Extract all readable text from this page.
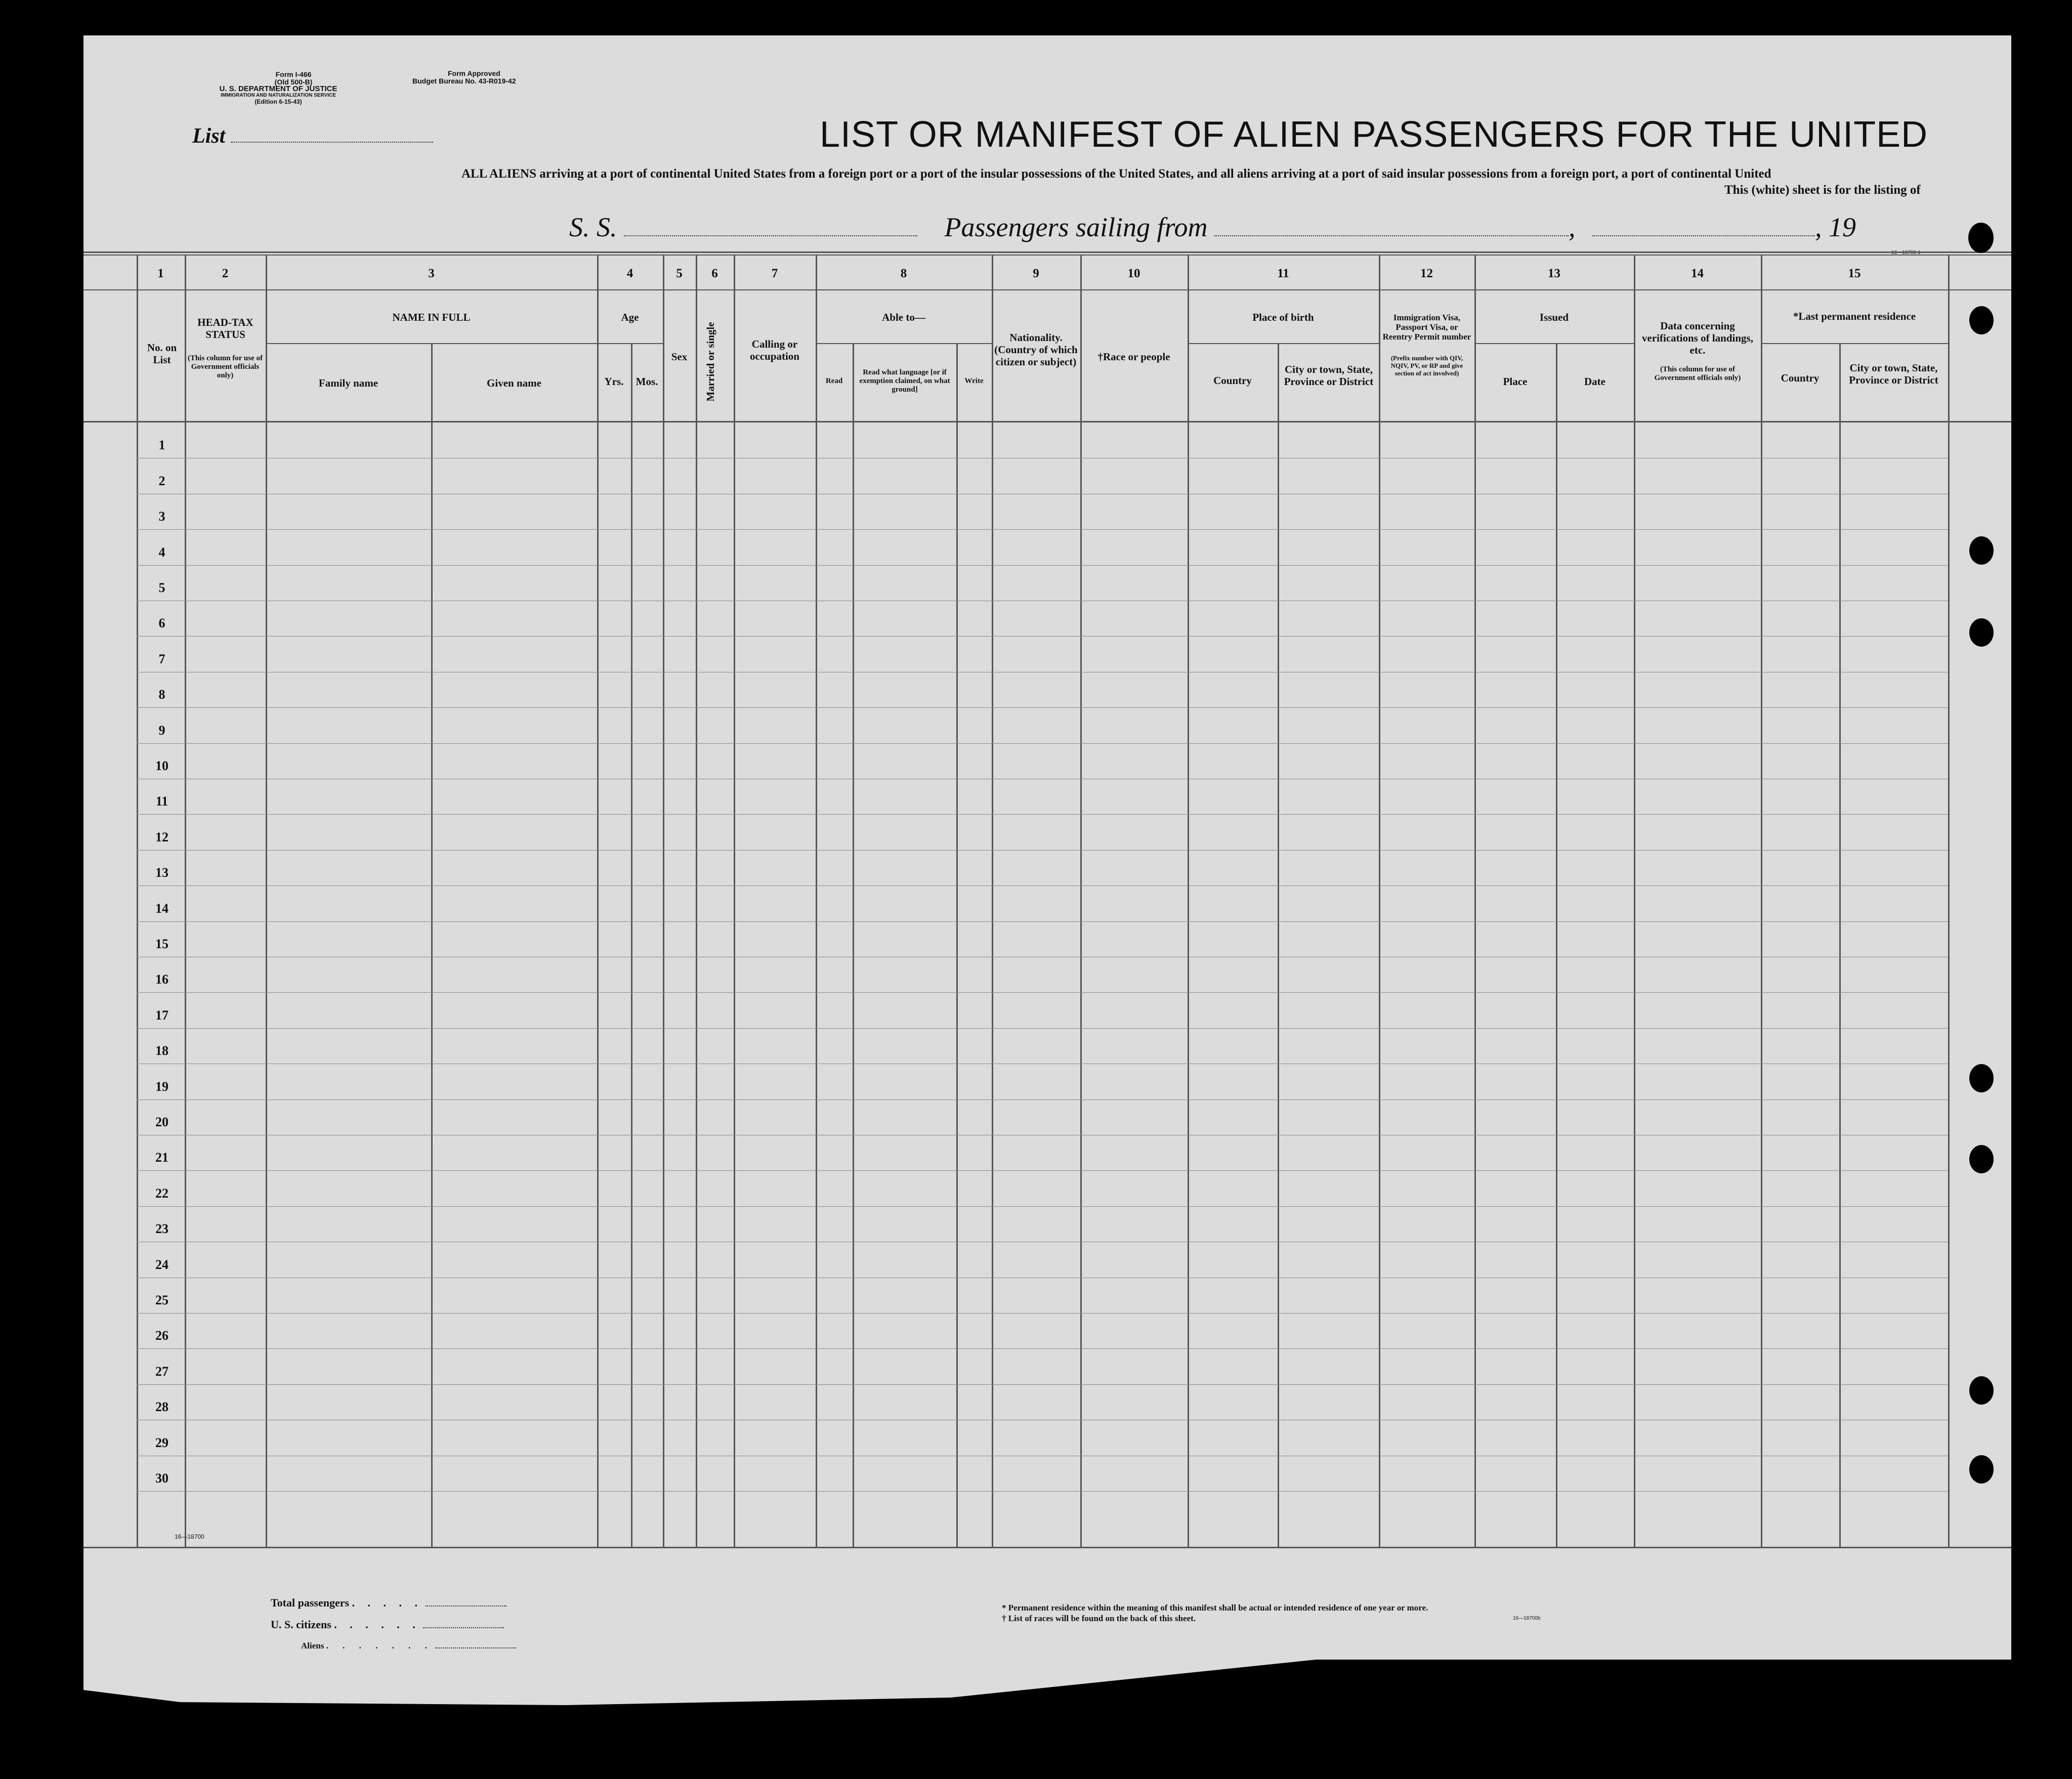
Form I-466
(Old 500-B)
U. S. DEPARTMENT OF JUSTICE
IMMIGRATION AND NATURALIZATION SERVICE
(Edition 6-15-43)
Form Approved
Budget Bureau No. 43-R019-42
List	LIST OR MANIFEST OF ALIEN PASSENGERS FOR THE UNITED
ALL ALIENS arriving at a port of continental United States from a foreign port or a port of the insular possessions of the United States, and all aliens arriving at a port of said insular possessions from a foreign port, a port of continental United
This (white) sheet is for the listing of
S. S.	Passengers sailing from	,	, 19
1	2	3	4	5	6	7	8	9	10	11	12	13	14	15
No. on List
HEAD-TAX STATUS
(This column for use of Government officials only)
NAME IN FULL
Family name	Given name
Age
Yrs.	Mos.
Sex	Married or single	Calling or occupation
Able to—
Read
Read what language [or if exemption claimed, on what ground]
Write
Nationality. (Country of which citizen or subject)	†Race or people
Place of birth
Country
City or town, State, Province or District
Immigration Visa, Passport Visa, or Reentry Permit number
(Prefix number with QIV, NQIV, PV, or RP and give section of act involved)
Issued
Place	Date
Data concerning verifications of landings, etc.
(This column for use of Government officials only)
*Last permanent residence
Country
City or town, State, Province or District
1
2
3
4
5
6
7
8
9
10
11
12
13
14
15
16
17
18
19
20
21
22
23
24
25
26
27
28
29
30
16—18700
Total passengers . . . . .
U. S. citizens . . . . . .
Aliens . . . . . . .
* Permanent residence within the meaning of this manifest shall be actual or intended residence of one year or more.
† List of races will be found on the back of this sheet.	16—18700b
